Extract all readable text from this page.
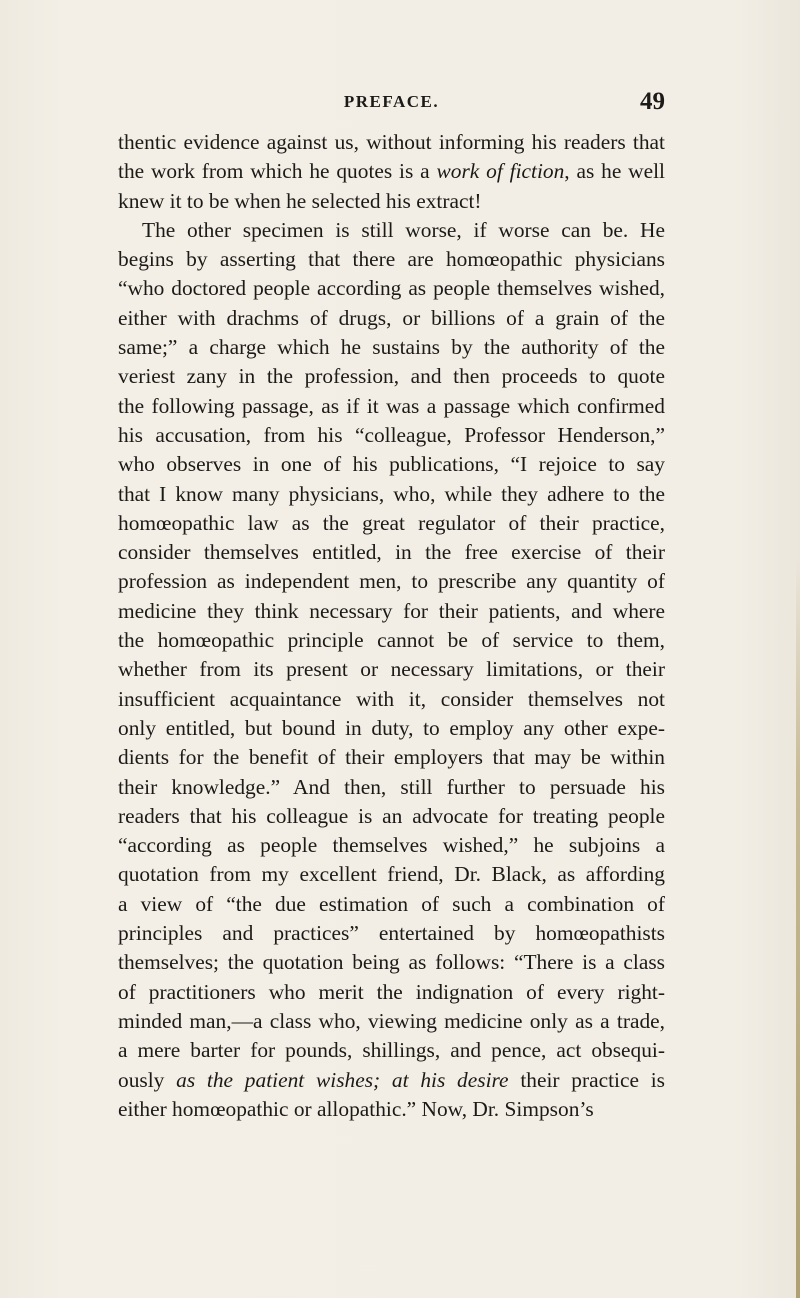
PREFACE.	49
thentic evidence against us, without informing his readers that
the work from which he quotes is a work of fiction, as he well
knew it to be when he selected his extract!
The other specimen is still worse, if worse can be. He
begins by asserting that there are homœopathic physicians
“who doctored people according as people themselves wished,
either with drachms of drugs, or billions of a grain of the
same;” a charge which he sustains by the authority of the
veriest zany in the profession, and then proceeds to quote
the following passage, as if it was a passage which confirmed
his accusation, from his “colleague, Professor Henderson,”
who observes in one of his publications, “I rejoice to say
that I know many physicians, who, while they adhere to the
homœopathic law as the great regulator of their practice,
consider themselves entitled, in the free exercise of their
profession as independent men, to prescribe any quantity of
medicine they think necessary for their patients, and where
the homœopathic principle cannot be of service to them,
whether from its present or necessary limitations, or their
insufficient acquaintance with it, consider themselves not
only entitled, but bound in duty, to employ any other expe-
dients for the benefit of their employers that may be within
their knowledge.” And then, still further to persuade his
readers that his colleague is an advocate for treating people
“according as people themselves wished,” he subjoins a
quotation from my excellent friend, Dr. Black, as affording
a view of “the due estimation of such a combination of
principles and practices” entertained by homœopathists
themselves; the quotation being as follows: “There is a class
of practitioners who merit the indignation of every right-
minded man,—a class who, viewing medicine only as a trade,
a mere barter for pounds, shillings, and pence, act obsequi-
ously as the patient wishes; at his desire their practice is
either homœopathic or allopathic.” Now, Dr. Simpson’s
